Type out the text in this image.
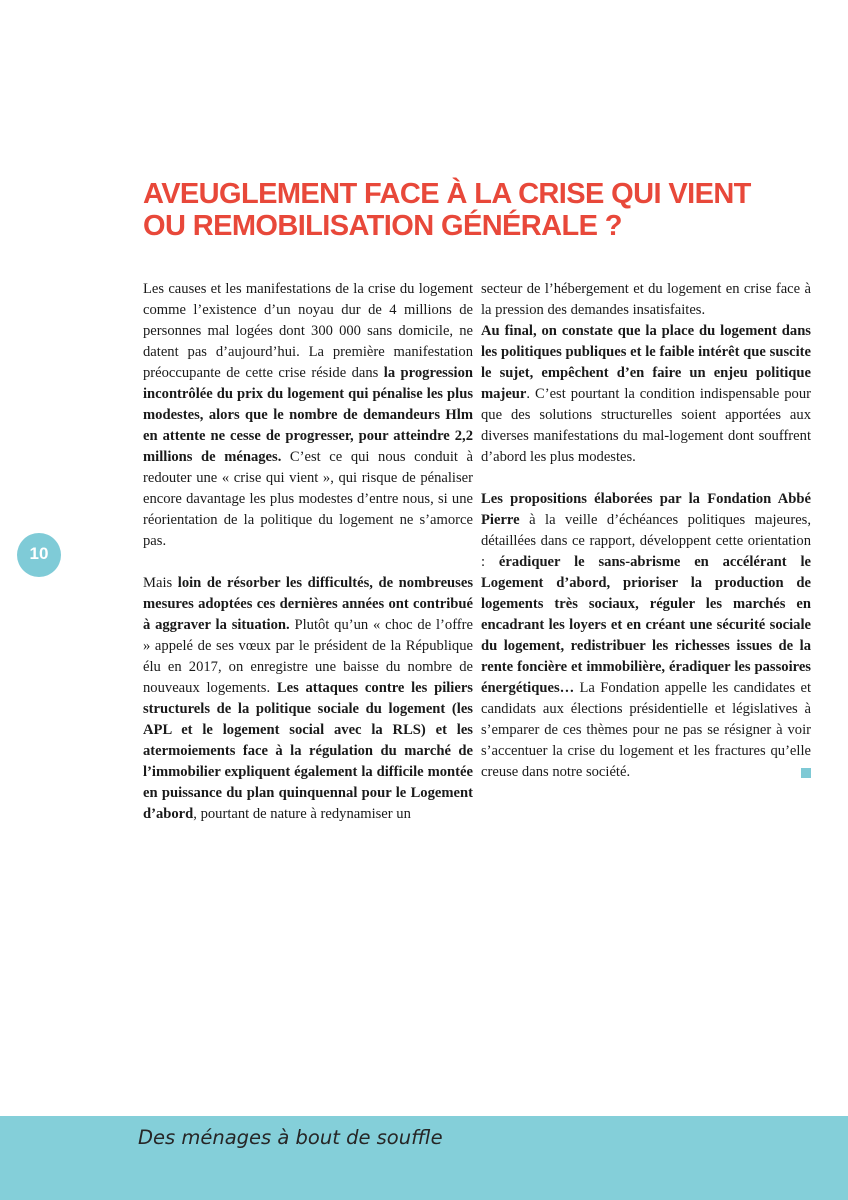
AVEUGLEMENT FACE À LA CRISE QUI VIENT
OU REMOBILISATION GÉNÉRALE ?
10

Les causes et les manifestations de la crise du logement comme l’existence d’un noyau dur de 4 millions de personnes mal logées dont 300 000 sans domicile, ne datent pas d’aujourd’hui. La première manifestation préoccupante de cette crise réside dans la progression incontrôlée du prix du logement qui pénalise les plus modestes, alors que le nombre de demandeurs Hlm en attente ne cesse de progresser, pour atteindre 2,2 millions de ménages. C’est ce qui nous conduit à redouter une « crise qui vient », qui risque de pénaliser encore davantage les plus modestes d’entre nous, si une réorientation de la politique du logement ne s’amorce pas.

Mais loin de résorber les difficultés, de nombreuses mesures adoptées ces dernières années ont contribué à aggraver la situation. Plutôt qu’un « choc de l’offre » appelé de ses vœux par le président de la République élu en 2017, on enregistre une baisse du nombre de nouveaux logements. Les attaques contre les piliers structurels de la politique sociale du logement (les APL et le logement social avec la RLS) et les atermoiements face à la régulation du marché de l’immobilier expliquent également la difficile montée en puissance du plan quinquennal pour le Logement d’abord, pourtant de nature à redynamiser un

secteur de l’hébergement et du logement en crise face à la pression des demandes insatisfaites.

Au final, on constate que la place du logement dans les politiques publiques et le faible intérêt que suscite le sujet, empêchent d’en faire un enjeu politique majeur. C’est pourtant la condition indispensable pour que des solutions structurelles soient apportées aux diverses manifestations du mal-logement dont souffrent d’abord les plus modestes.

Les propositions élaborées par la Fondation Abbé Pierre à la veille d’échéances politiques majeures, détaillées dans ce rapport, développent cette orientation : éradiquer le sans-abrisme en accélérant le Logement d’abord, prioriser la production de logements très sociaux, réguler les marchés en encadrant les loyers et en créant une sécurité sociale du logement, redistribuer les richesses issues de la rente foncière et immobilière, éradiquer les passoires énergétiques… La Fondation appelle les candidates et candidats aux élections présidentielle et législatives à s’emparer de ces thèmes pour ne pas se résigner à voir s’accentuer la crise du logement et les fractures qu’elle creuse dans notre société.

Des ménages à bout de souffle
